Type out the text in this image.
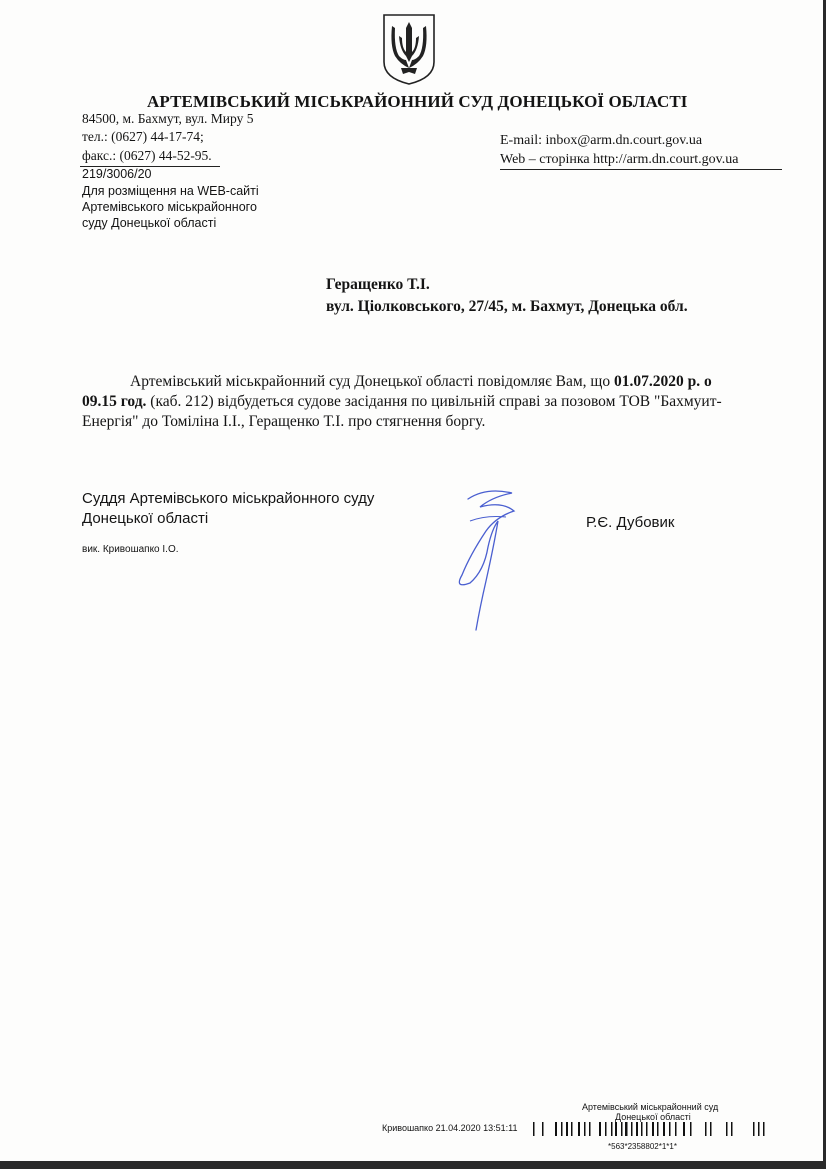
АРТЕМІВСЬКИЙ МІСЬКРАЙОННИЙ СУД ДОНЕЦЬКОЇ ОБЛАСТІ
84500, м. Бахмут, вул. Миру 5
тел.: (0627) 44-17-74;
факс.: (0627) 44-52-95.
E-mail: inbox@arm.dn.court.gov.ua
Web – сторінка http://arm.dn.court.gov.ua
219/3006/20
Для розміщення на WEB-сайті
Артемівського міськрайонного
суду Донецької області
Геращенко Т.І.
вул. Ціолковського, 27/45, м. Бахмут, Донецька обл.
Артемівський міськрайонний суд Донецької області повідомляє Вам, що 01.07.2020 р. о
09.15 год. (каб. 212) відбудеться судове засідання по цивільній справі за позовом ТОВ "Бахмуит-
Енергія" до Томіліна І.І., Геращенко Т.І. про стягнення боргу.
Суддя Артемівського міськрайонного суду
Донецької області
вик. Кривошапко І.О.
Р.Є. Дубовик
Артемівський міськрайонний суд
Донецької області
Кривошапко 21.04.2020 13:51:11
*563*2358802*1*1*
